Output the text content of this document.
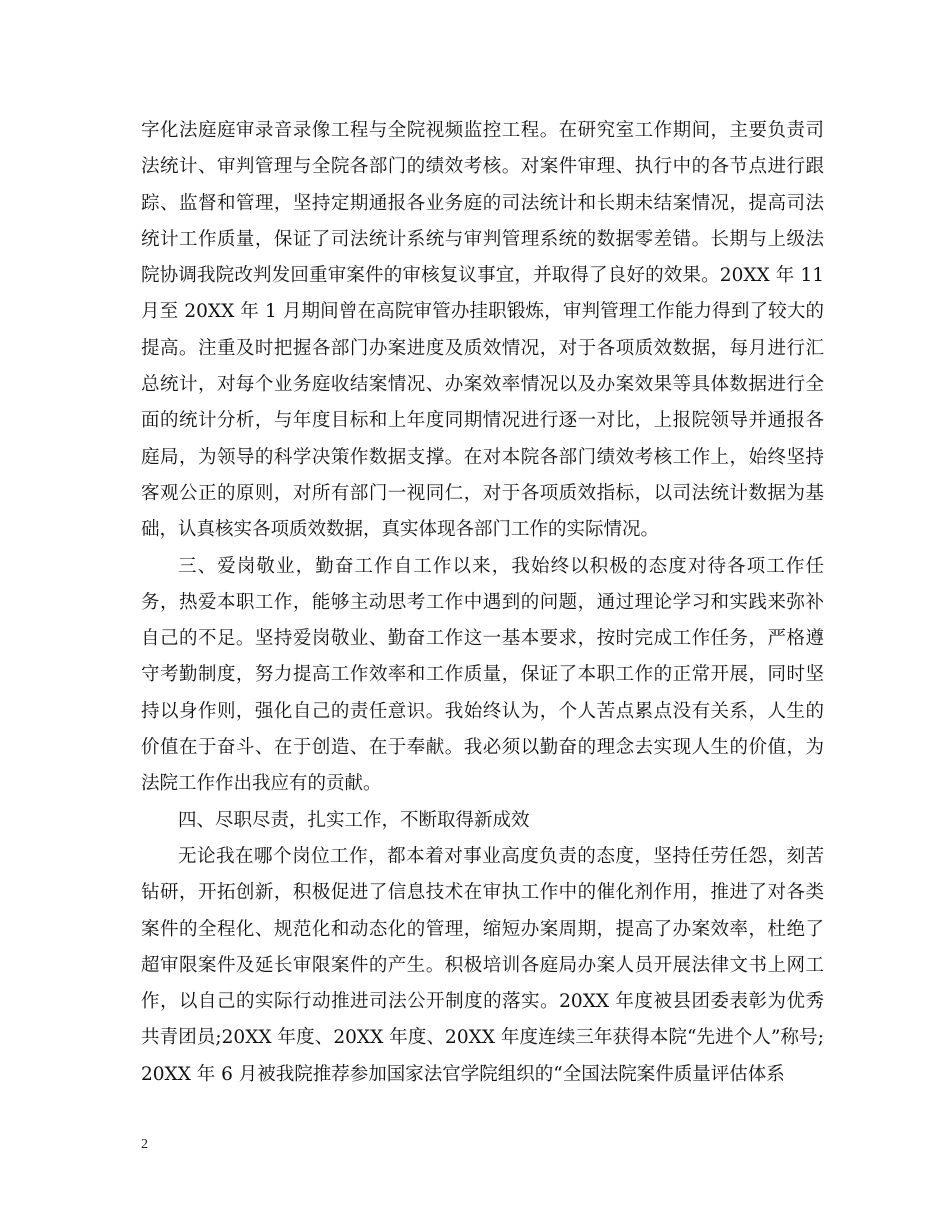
字化法庭庭审录音录像工程与全院视频监控工程。在研究室工作期间，主要负责司法统计、审判管理与全院各部门的绩效考核。对案件审理、执行中的各节点进行跟踪、监督和管理，坚持定期通报各业务庭的司法统计和长期未结案情况，提高司法统计工作质量，保证了司法统计系统与审判管理系统的数据零差错。长期与上级法院协调我院改判发回重审案件的审核复议事宜，并取得了良好的效果。20XX 年 11 月至 20XX 年 1 月期间曾在高院审管办挂职锻炼，审判管理工作能力得到了较大的提高。注重及时把握各部门办案进度及质效情况，对于各项质效数据，每月进行汇总统计，对每个业务庭收结案情况、办案效率情况以及办案效果等具体数据进行全面的统计分析，与年度目标和上年度同期情况进行逐一对比，上报院领导并通报各庭局，为领导的科学决策作数据支撑。在对本院各部门绩效考核工作上，始终坚持客观公正的原则，对所有部门一视同仁，对于各项质效指标，以司法统计数据为基础，认真核实各项质效数据，真实体现各部门工作的实际情况。

三、爱岗敬业，勤奋工作自工作以来，我始终以积极的态度对待各项工作任务，热爱本职工作，能够主动思考工作中遇到的问题，通过理论学习和实践来弥补自己的不足。坚持爱岗敬业、勤奋工作这一基本要求，按时完成工作任务，严格遵守考勤制度，努力提高工作效率和工作质量，保证了本职工作的正常开展，同时坚持以身作则，强化自己的责任意识。我始终认为，个人苦点累点没有关系，人生的价值在于奋斗、在于创造、在于奉献。我必须以勤奋的理念去实现人生的价值，为法院工作作出我应有的贡献。

四、尽职尽责，扎实工作，不断取得新成效

无论我在哪个岗位工作，都本着对事业高度负责的态度，坚持任劳任怨，刻苦钻研，开拓创新，积极促进了信息技术在审执工作中的催化剂作用，推进了对各类案件的全程化、规范化和动态化的管理，缩短办案周期，提高了办案效率，杜绝了超审限案件及延长审限案件的产生。积极培训各庭局办案人员开展法律文书上网工作，以自己的实际行动推进司法公开制度的落实。20XX 年度被县团委表彰为优秀共青团员;20XX 年度、20XX 年度、20XX 年度连续三年获得本院“先进个人”称号;20XX 年 6 月被我院推荐参加国家法官学院组织的“全国法院案件质量评估体系

2
